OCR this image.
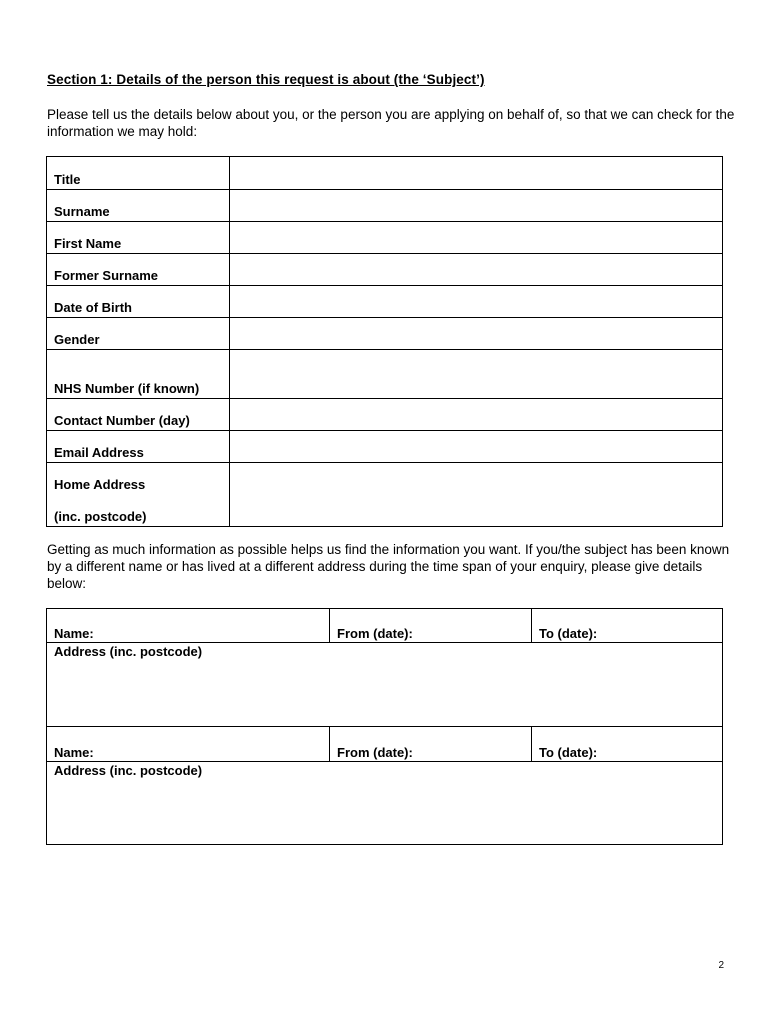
Section 1: Details of the person this request is about (the ‘Subject’)
Please tell us the details below about you, or the person you are applying on behalf of, so that we can check for the information we may hold:
Title	
Surname	
First Name	
Former Surname	
Date of Birth	
Gender	
NHS Number (if known)	
Contact Number (day)	
Email Address	

Home Address
(inc. postcode)	

Getting as much information as possible helps us find the information you want. If you/the subject has been known by a different name or has lived at a different address during the time span of your enquiry, please give details below:
Name:	From (date):	To (date):
Address (inc. postcode)		
Name:	From (date):	To (date):
Address (inc. postcode)		
2
